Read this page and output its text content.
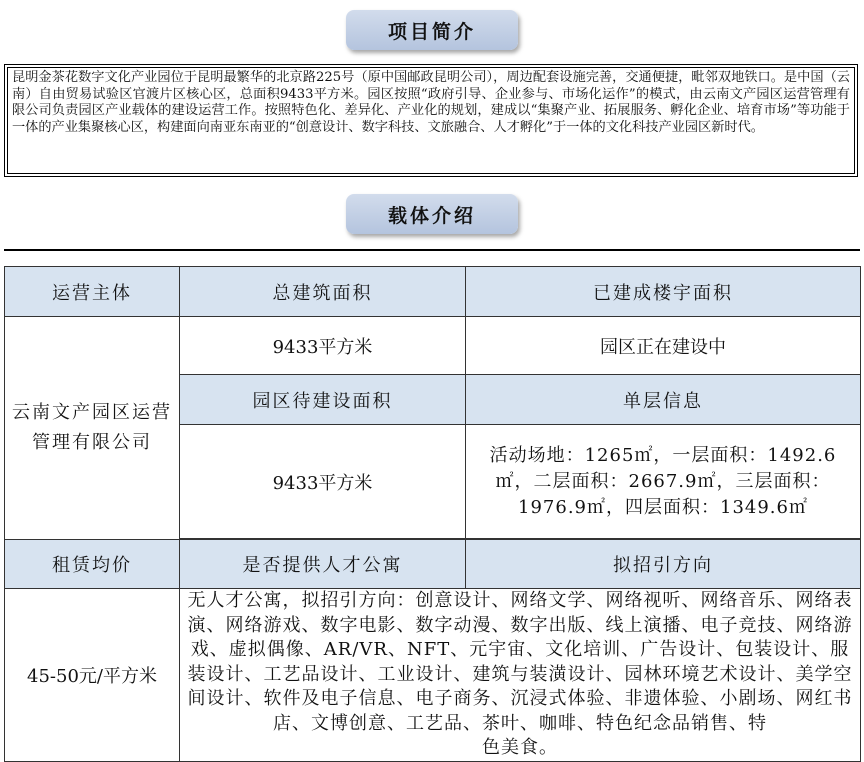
项目简介
昆明金茶花数字文化产业园位于昆明最繁华的北京路225号（原中国邮政昆明公司），周边配套设施完善，交通便捷，毗邻双地铁口。是中国（云南）自由贸易试验区官渡片区核心区，总面积9433平方米。园区按照“政府引导、企业参与、市场化运作”的模式，由云南文产园区运营管理有限公司负责园区产业载体的建设运营工作。按照特色化、差异化、产业化的规划，建成以“集聚产业、拓展服务、孵化企业、培育市场”等功能于一体的产业集聚核心区，构建面向南亚东南亚的“创意设计、数字科技、文旅融合、人才孵化”于一体的文化科技产业园区新时代。
载体介绍
运营主体	总建筑面积	已建成楼宇面积
云南文产园区运营管理有限公司	9433平方米	园区正在建设中
	园区待建设面积	单层信息
	9433平方米	活动场地：1265㎡，一层面积：1492.6㎡，二层面积：2667.9㎡，三层面积：1976.9㎡，四层面积：1349.6㎡

租赁均价	是否提供人才公寓	拟招引方向
45-50元/平方米	无人才公寓，拟招引方向：创意设计、网络文学、网络视听、网络音乐、网络表演、网络游戏、数字电影、数字动漫、数字出版、线上演播、电子竞技、网络游戏、虚拟偶像、AR/VR、NFT、元宇宙、文化培训、广告设计、包装设计、服装设计、工艺品设计、工业设计、建筑与装潢设计、园林环境艺术设计、美学空间设计、软件及电子信息、电子商务、沉浸式体验、非遗体验、小剧场、网红书店、文博创意、工艺品、茶叶、咖啡、特色纪念品销售、特
色美食。	
